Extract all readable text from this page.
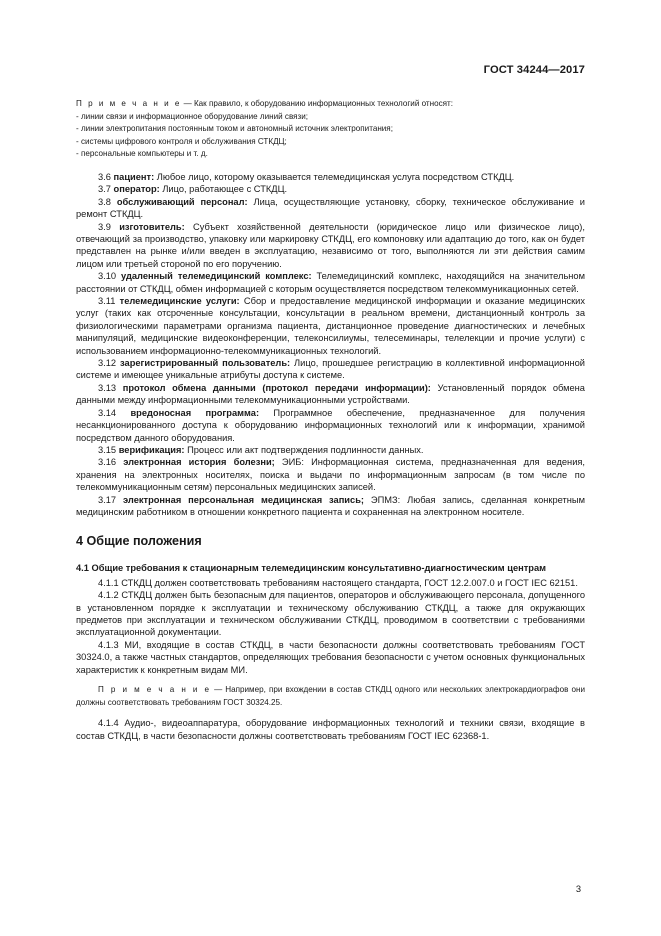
ГОСТ 34244—2017
П р и м е ч а н и е — Как правило, к оборудованию информационных технологий относят:
- линии связи и информационное оборудование линий связи;
- линии электропитания постоянным током и автономный источник электропитания;
- системы цифрового контроля и обслуживания СТКДЦ;
- персональные компьютеры и т. д.

3.6 пациент: Любое лицо, которому оказывается телемедицинская услуга посредством СТКДЦ.

3.7 оператор: Лицо, работающее с СТКДЦ.

3.8 обслуживающий персонал: Лица, осуществляющие установку, сборку, техническое обслуживание и ремонт СТКДЦ.

3.9 изготовитель: Субъект хозяйственной деятельности (юридическое лицо или физическое лицо), отвечающий за производство, упаковку или маркировку СТКДЦ, его компоновку или адаптацию до того, как он будет представлен на рынке и/или введен в эксплуатацию, независимо от того, выполняются ли эти действия самим лицом или третьей стороной по его поручению.

3.10 удаленный телемедицинский комплекс: Телемедицинский комплекс, находящийся на значительном расстоянии от СТКДЦ, обмен информацией с которым осуществляется посредством телекоммуникационных сетей.

3.11 телемедицинские услуги: Сбор и предоставление медицинской информации и оказание медицинских услуг (таких как отсроченные консультации, консультации в реальном времени, дистанционный контроль за физиологическими параметрами организма пациента, дистанционное проведение диагностических и лечебных манипуляций, медицинские видеоконференции, телеконсилиумы, телесеминары, телелекции и прочие услуги) с использованием информационно-телекоммуникационных технологий.

3.12 зарегистрированный пользователь: Лицо, прошедшее регистрацию в коллективной информационной системе и имеющее уникальные атрибуты доступа к системе.

3.13 протокол обмена данными (протокол передачи информации): Установленный порядок обмена данными между информационными телекоммуникационными устройствами.

3.14 вредоносная программа: Программное обеспечение, предназначенное для получения несанкционированного доступа к оборудованию информационных технологий или к информации, хранимой посредством данного оборудования.

3.15 верификация: Процесс или акт подтверждения подлинности данных.

3.16 электронная история болезни; ЭИБ: Информационная система, предназначенная для ведения, хранения на электронных носителях, поиска и выдачи по информационным запросам (в том числе по телекоммуникационным сетям) персональных медицинских записей.

3.17 электронная персональная медицинская запись; ЭПМЗ: Любая запись, сделанная конкретным медицинским работником в отношении конкретного пациента и сохраненная на электронном носителе.

4 Общие положения
4.1 Общие требования к стационарным телемедицинским консультативно-диагностическим центрам

4.1.1 СТКДЦ должен соответствовать требованиям настоящего стандарта, ГОСТ 12.2.007.0 и ГОСТ IEC 62151.

4.1.2 СТКДЦ должен быть безопасным для пациентов, операторов и обслуживающего персонала, допущенного в установленном порядке к эксплуатации и техническому обслуживанию СТКДЦ, а также для окружающих предметов при эксплуатации и техническом обслуживании СТКДЦ, проводимом в соответствии с требованиями эксплуатационной документации.

4.1.3 МИ, входящие в состав СТКДЦ, в части безопасности должны соответствовать требованиям ГОСТ 30324.0, а также частных стандартов, определяющих требования безопасности с учетом основных функциональных характеристик к конкретным видам МИ.

П р и м е ч а н и е — Например, при вхождении в состав СТКДЦ одного или нескольких электрокардиографов они должны соответствовать требованиям ГОСТ 30324.25.

4.1.4 Аудио-, видеоаппаратура, оборудование информационных технологий и техники связи, входящие в состав СТКДЦ, в части безопасности должны соответствовать требованиям ГОСТ IEC 62368-1.

3
